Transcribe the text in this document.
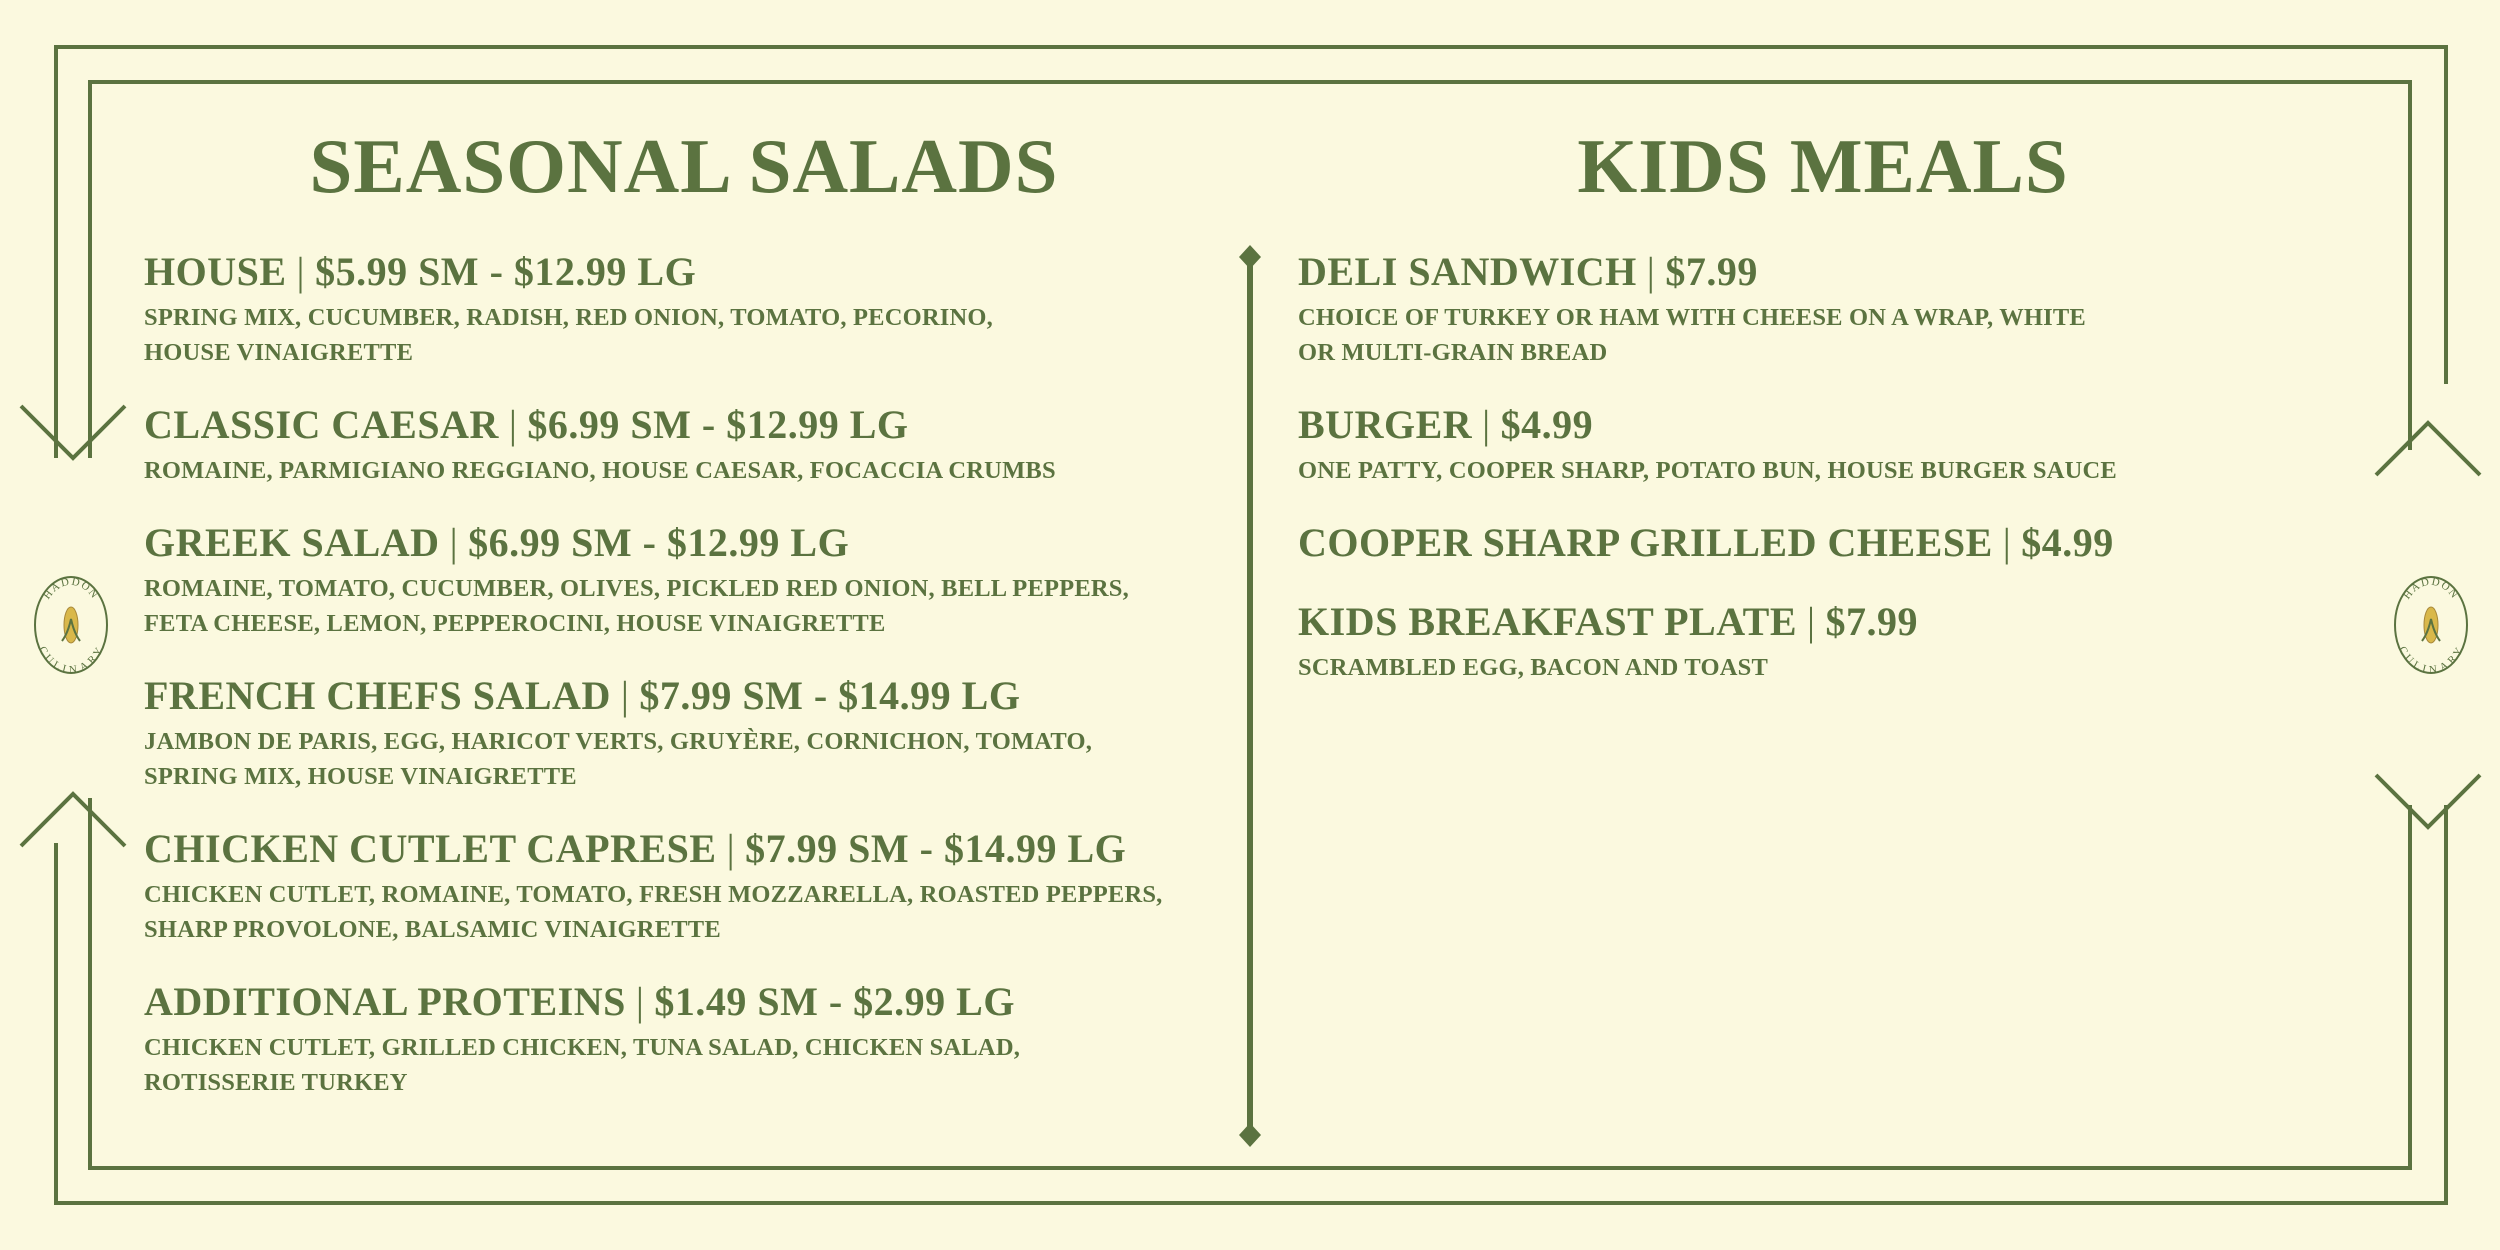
HADDON
CULINARY
HADDON
CULINARY
SEASONAL SALADS
HOUSE | $5.99 SM - $12.99 LG
SPRING MIX, CUCUMBER, RADISH, RED ONION, TOMATO, PECORINO,
HOUSE VINAIGRETTE
CLASSIC CAESAR | $6.99 SM - $12.99 LG
ROMAINE, PARMIGIANO REGGIANO, HOUSE CAESAR, FOCACCIA CRUMBS
GREEK SALAD | $6.99 SM - $12.99 LG
ROMAINE, TOMATO, CUCUMBER, OLIVES, PICKLED RED ONION, BELL PEPPERS,
FETA CHEESE, LEMON, PEPPEROCINI, HOUSE VINAIGRETTE
FRENCH CHEFS SALAD | $7.99 SM - $14.99 LG
JAMBON DE PARIS, EGG, HARICOT VERTS, GRUYÈRE, CORNICHON, TOMATO,
SPRING MIX, HOUSE VINAIGRETTE
CHICKEN CUTLET CAPRESE | $7.99 SM - $14.99 LG
CHICKEN CUTLET, ROMAINE, TOMATO, FRESH MOZZARELLA, ROASTED PEPPERS,
SHARP PROVOLONE, BALSAMIC VINAIGRETTE
ADDITIONAL PROTEINS | $1.49 SM - $2.99 LG
CHICKEN CUTLET, GRILLED CHICKEN, TUNA SALAD, CHICKEN SALAD,
ROTISSERIE TURKEY
KIDS MEALS
DELI SANDWICH | $7.99
CHOICE OF TURKEY OR HAM WITH CHEESE ON A WRAP, WHITE
OR MULTI-GRAIN BREAD
BURGER | $4.99
ONE PATTY, COOPER SHARP, POTATO BUN, HOUSE BURGER SAUCE
COOPER SHARP GRILLED CHEESE | $4.99
KIDS BREAKFAST PLATE | $7.99
SCRAMBLED EGG, BACON AND TOAST
